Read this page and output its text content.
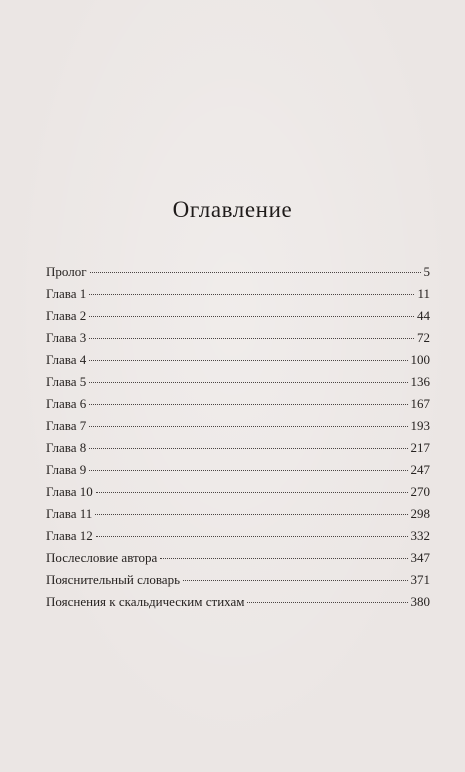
Оглавление
Пролог	5
Глава 1	11
Глава 2	44
Глава 3	72
Глава 4	100
Глава 5	136
Глава 6	167
Глава 7	193
Глава 8	217
Глава 9	247
Глава 10	270
Глава 11	298
Глава 12	332
Послесловие автора	347
Пояснительный словарь	371
Пояснения к скальдическим стихам	380
